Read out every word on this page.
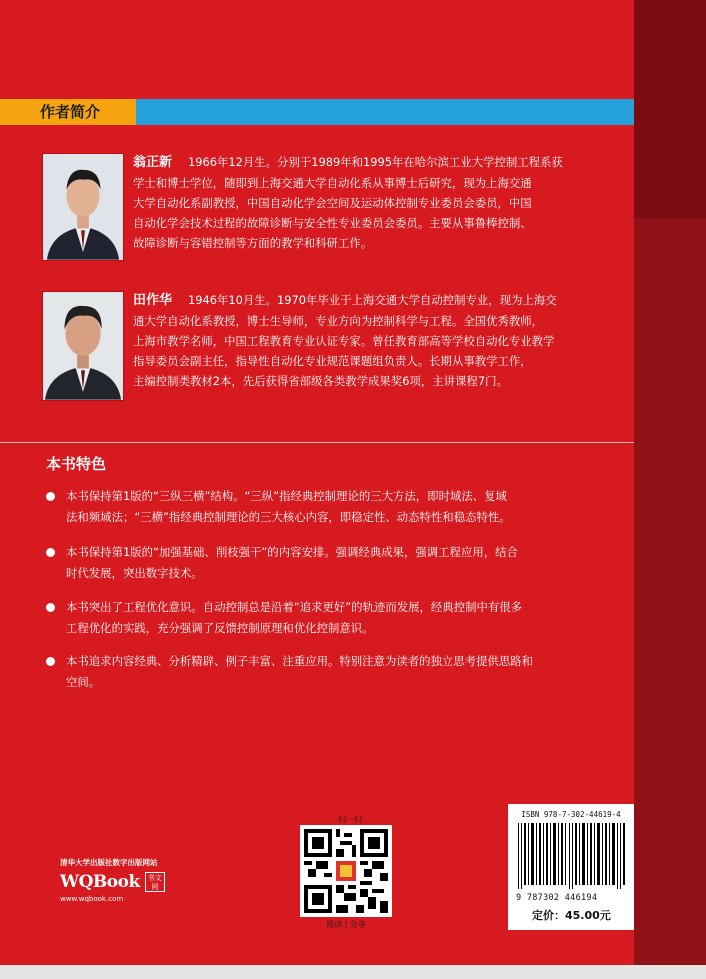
作者简介
翁正新 1966年12月生。分别于1989年和1995年在哈尔滨工业大学控制工程系获
学士和博士学位，随即到上海交通大学自动化系从事博士后研究，现为上海交通
大学自动化系副教授，中国自动化学会空间及运动体控制专业委员会委员，中国
自动化学会技术过程的故障诊断与安全性专业委员会委员。主要从事鲁棒控制、
故障诊断与容错控制等方面的教学和科研工作。
田作华 1946年10月生。1970年毕业于上海交通大学自动控制专业，现为上海交
通大学自动化系教授，博士生导师，专业方向为控制科学与工程。全国优秀教师，
上海市教学名师，中国工程教育专业认证专家。曾任教育部高等学校自动化专业教学
指导委员会副主任，指导性自动化专业规范课题组负责人。长期从事教学工作，
主编控制类教材2本，先后获得省部级各类教学成果奖6项，主讲课程7门。
本书特色
本书保持第1版的“三纵三横”结构。“三纵”指经典控制理论的三大方法，即时域法、复域
法和频域法；“三横”指经典控制理论的三大核心内容，即稳定性、动态特性和稳态特性。
本书保持第1版的“加强基础、削枝强干”的内容安排。强调经典成果，强调工程应用，结合
时代发展，突出数字技术。
本书突出了工程优化意识。自动控制总是沿着“追求更好”的轨迹而发展，经典控制中有很多
工程优化的实践，充分强调了反馈控制原理和优化控制意识。
本书追求内容经典、分析精辟、例子丰富、注重应用。特别注意为读者的独立思考提供思路和
空间。
清华大学出版社数字出版网站
WQBook	书文网
www.wqbook.com
扫一扫
阅读 | 分享
ISBN 978-7-302-44619-4
9 787302 446194
定价：45.00元
